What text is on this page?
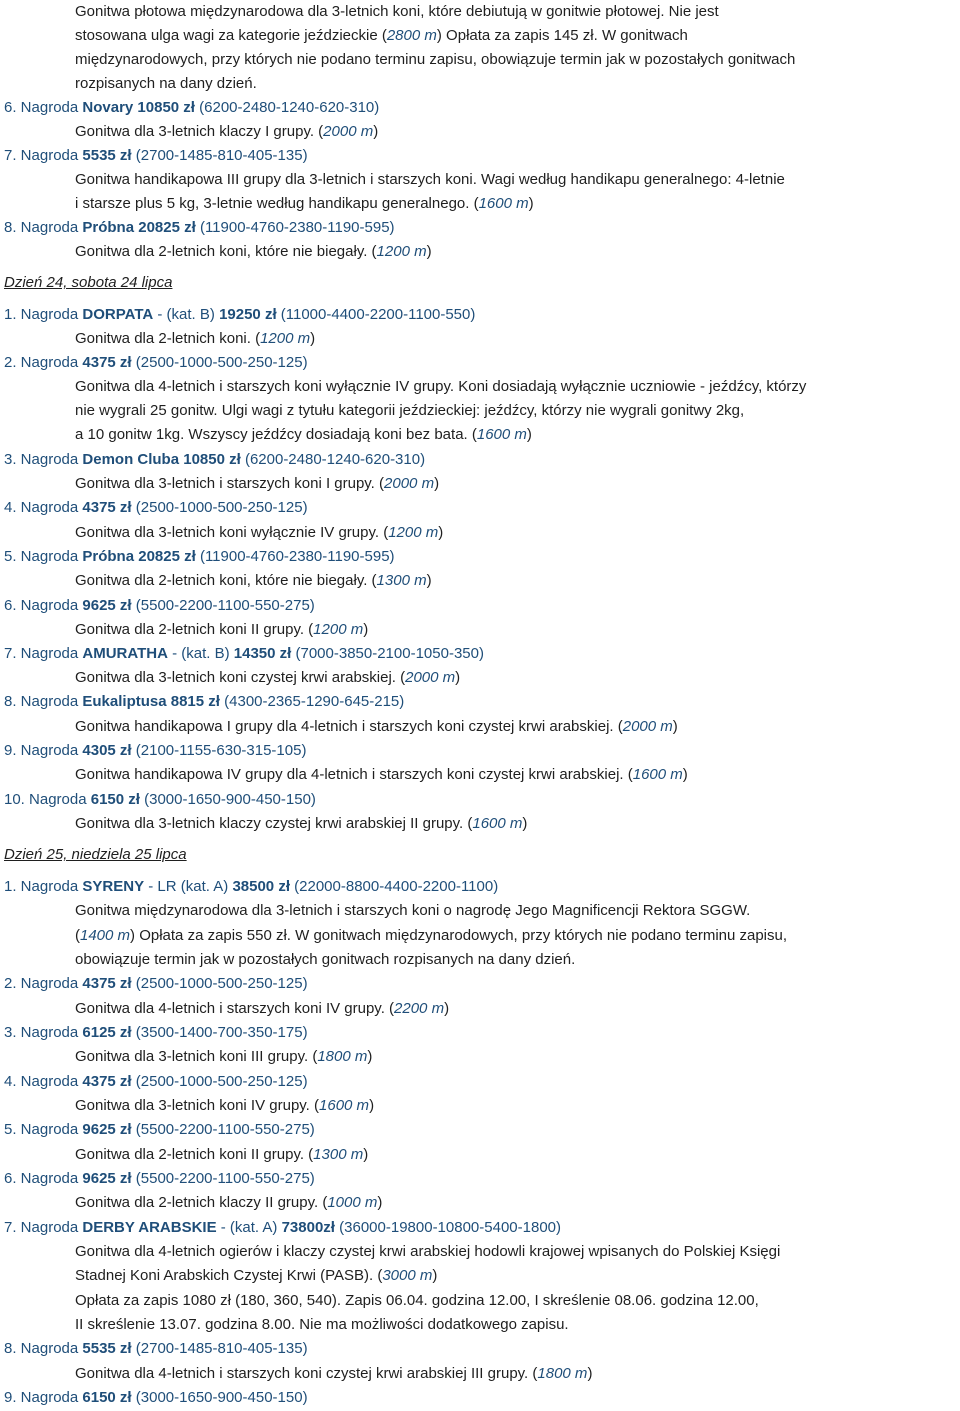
Gonitwa płotowa międzynarodowa dla 3-letnich koni, które debiutują w gonitwie płotowej. Nie jest
stosowana ulga wagi za kategorie jeździeckie (2800 m) Opłata za zapis 145 zł. W gonitwach
międzynarodowych, przy których nie podano terminu zapisu, obowiązuje termin jak w pozostałych gonitwach
rozpisanych na dany dzień.
6. Nagroda Novary 10850 zł (6200-2480-1240-620-310)
Gonitwa dla 3-letnich klaczy I grupy. (2000 m)
7. Nagroda 5535 zł (2700-1485-810-405-135)
Gonitwa handikapowa III grupy dla 3-letnich i starszych koni. Wagi według handikapu generalnego: 4-letnie
i starsze plus 5 kg, 3-letnie według handikapu generalnego. (1600 m)
8. Nagroda Próbna 20825 zł (11900-4760-2380-1190-595)
Gonitwa dla 2-letnich koni, które nie biegały. (1200 m)
Dzień 24, sobota 24 lipca
1. Nagroda DORPATA - (kat. B) 19250 zł (11000-4400-2200-1100-550)
Gonitwa dla 2-letnich koni. (1200 m)
2. Nagroda 4375 zł (2500-1000-500-250-125)
Gonitwa dla 4-letnich i starszych koni wyłącznie IV grupy. Koni dosiadają wyłącznie uczniowie - jeźdźcy, którzy
nie wygrali 25 gonitw. Ulgi wagi z tytułu kategorii jeździeckiej: jeźdźcy, którzy nie wygrali gonitwy 2kg,
a 10 gonitw 1kg. Wszyscy jeźdźcy dosiadają koni bez bata. (1600 m)
3. Nagroda Demon Cluba 10850 zł (6200-2480-1240-620-310)
Gonitwa dla 3-letnich i starszych koni I grupy. (2000 m)
4. Nagroda 4375 zł (2500-1000-500-250-125)
Gonitwa dla 3-letnich koni wyłącznie IV grupy. (1200 m)
5. Nagroda Próbna 20825 zł (11900-4760-2380-1190-595)
Gonitwa dla 2-letnich koni, które nie biegały. (1300 m)
6. Nagroda 9625 zł (5500-2200-1100-550-275)
Gonitwa dla 2-letnich koni II grupy. (1200 m)
7. Nagroda AMURATHA - (kat. B) 14350 zł (7000-3850-2100-1050-350)
Gonitwa dla 3-letnich koni czystej krwi arabskiej. (2000 m)
8. Nagroda Eukaliptusa 8815 zł (4300-2365-1290-645-215)
Gonitwa handikapowa I grupy dla 4-letnich i starszych koni czystej krwi arabskiej. (2000 m)
9. Nagroda 4305 zł (2100-1155-630-315-105)
Gonitwa handikapowa IV grupy dla 4-letnich i starszych koni czystej krwi arabskiej. (1600 m)
10. Nagroda 6150 zł (3000-1650-900-450-150)
Gonitwa dla 3-letnich klaczy czystej krwi arabskiej II grupy. (1600 m)
Dzień 25, niedziela 25 lipca
1. Nagroda SYRENY - LR (kat. A) 38500 zł (22000-8800-4400-2200-1100)
Gonitwa międzynarodowa dla 3-letnich i starszych koni o nagrodę Jego Magnificencji Rektora SGGW.
(1400 m) Opłata za zapis 550 zł. W gonitwach międzynarodowych, przy których nie podano terminu zapisu,
obowiązuje termin jak w pozostałych gonitwach rozpisanych na dany dzień.
2. Nagroda 4375 zł (2500-1000-500-250-125)
Gonitwa dla 4-letnich i starszych koni IV grupy. (2200 m)
3. Nagroda 6125 zł (3500-1400-700-350-175)
Gonitwa dla 3-letnich koni III grupy. (1800 m)
4. Nagroda 4375 zł (2500-1000-500-250-125)
Gonitwa dla 3-letnich koni IV grupy. (1600 m)
5. Nagroda 9625 zł (5500-2200-1100-550-275)
Gonitwa dla 2-letnich koni II grupy. (1300 m)
6. Nagroda 9625 zł (5500-2200-1100-550-275)
Gonitwa dla 2-letnich klaczy II grupy. (1000 m)
7. Nagroda DERBY ARABSKIE - (kat. A) 73800zł (36000-19800-10800-5400-1800)
Gonitwa dla 4-letnich ogierów i klaczy czystej krwi arabskiej hodowli krajowej wpisanych do Polskiej Księgi
Stadnej Koni Arabskich Czystej Krwi (PASB). (3000 m)
Opłata za zapis 1080 zł (180, 360, 540). Zapis 06.04. godzina 12.00, I skreślenie 08.06. godzina 12.00,
II skreślenie 13.07. godzina 8.00. Nie ma możliwości dodatkowego zapisu.
8. Nagroda 5535 zł (2700-1485-810-405-135)
Gonitwa dla 4-letnich i starszych koni czystej krwi arabskiej III grupy. (1800 m)
9. Nagroda 6150 zł (3000-1650-900-450-150)
